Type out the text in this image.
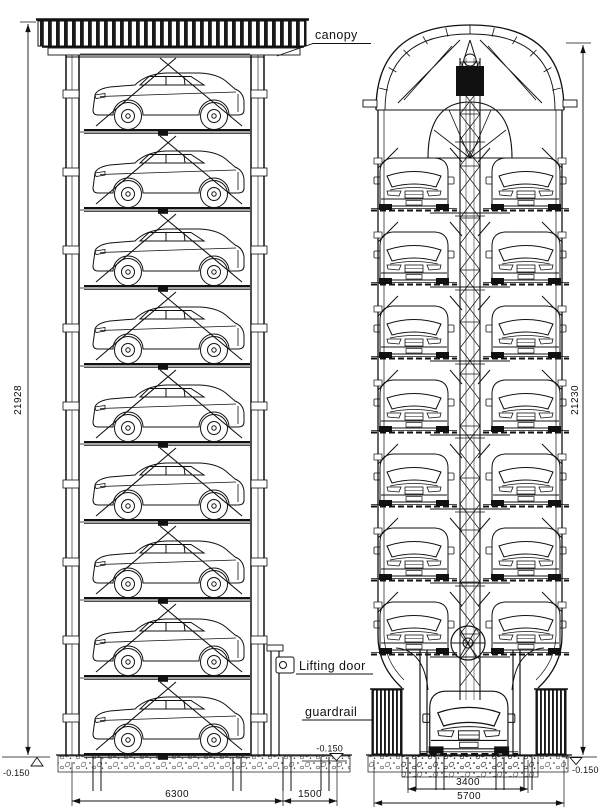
canopy
Lifting door
guardrail
21928	21230
6300	1500
3400
5700
-0.150
-0.150
-0.150
